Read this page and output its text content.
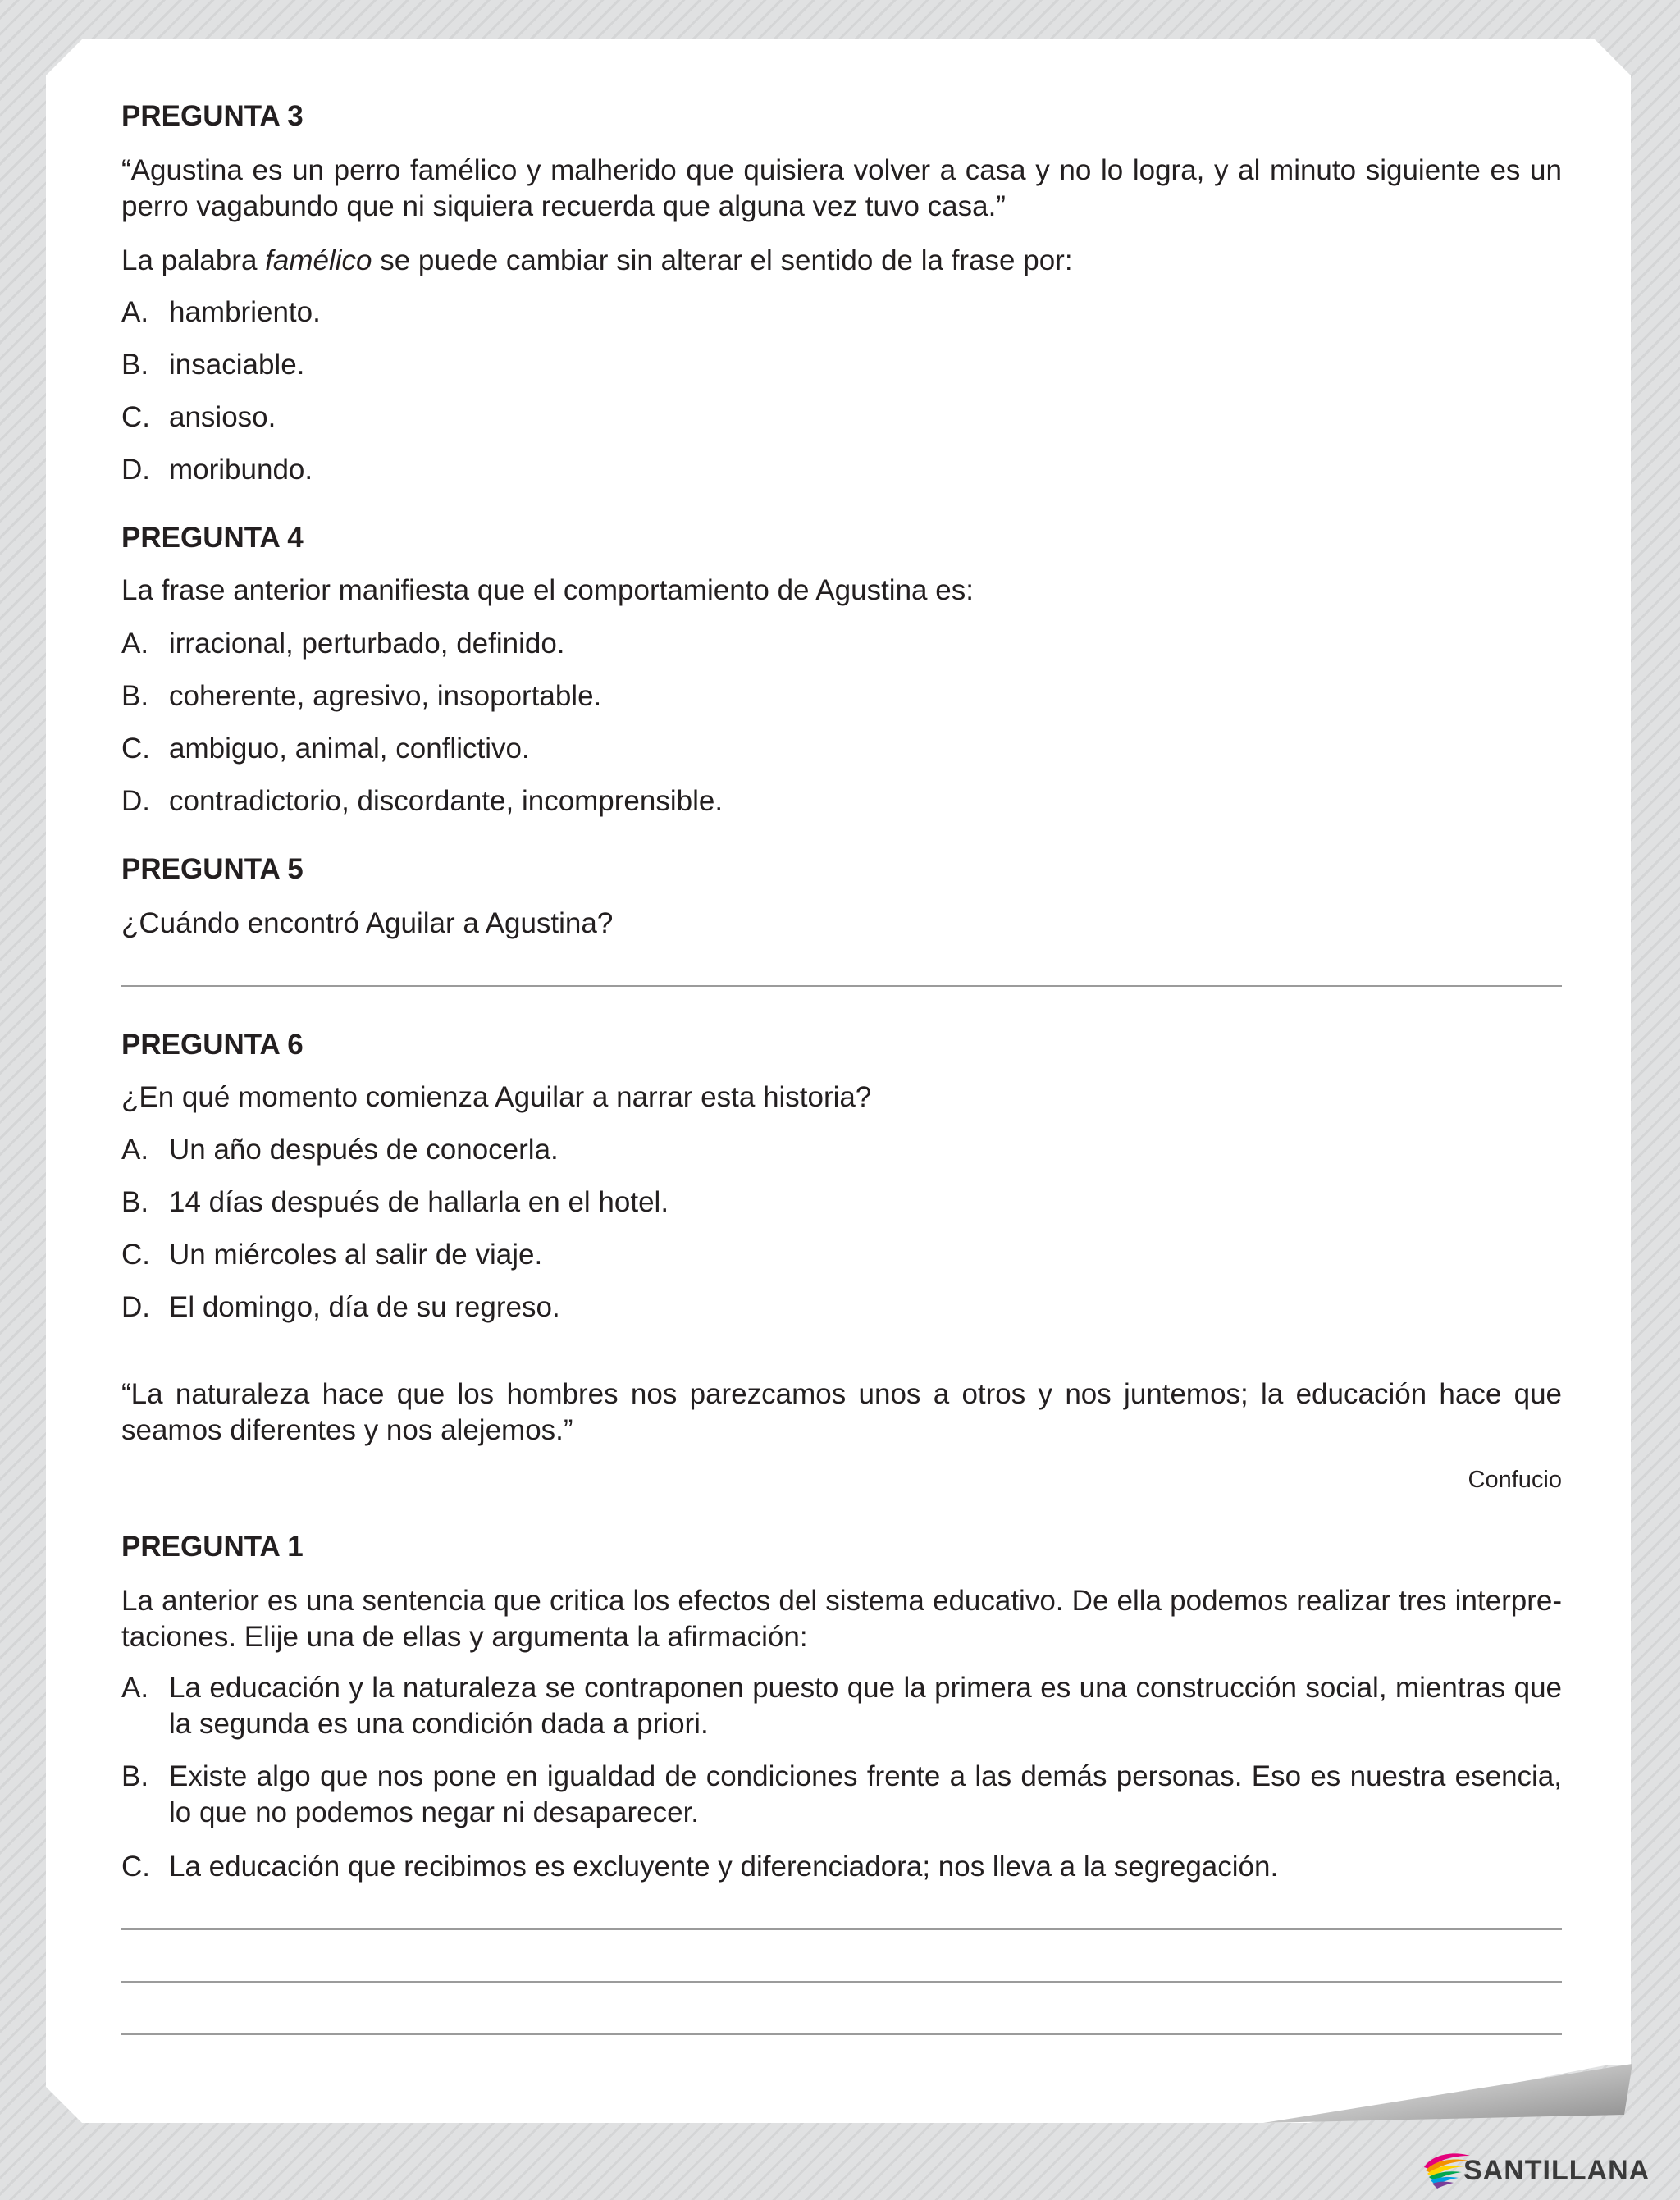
PREGUNTA 3
“Agustina es un perro famélico y malherido que quisiera volver a casa y no lo logra, y al minuto siguiente es un perro vagabundo que ni siquiera recuerda que alguna vez tuvo casa.”
La palabra famélico se puede cambiar sin alterar el sentido de la frase por:
A. hambriento.
B. insaciable.
C. ansioso.
D. moribundo.
PREGUNTA 4
La frase anterior manifiesta que el comportamiento de Agustina es:
A. irracional, perturbado, definido.
B. coherente, agresivo, insoportable.
C. ambiguo, animal, conflictivo.
D. contradictorio, discordante, incomprensible.
PREGUNTA 5
¿Cuándo encontró Aguilar a Agustina?
PREGUNTA 6
¿En qué momento comienza Aguilar a narrar esta historia?
A. Un año después de conocerla.
B. 14 días después de hallarla en el hotel.
C. Un miércoles al salir de viaje.
D. El domingo, día de su regreso.
“La naturaleza hace que los hombres nos parezcamos unos a otros y nos juntemos; la educación hace que seamos diferentes y nos alejemos.”
Confucio
PREGUNTA 1
La anterior es una sentencia que critica los efectos del sistema educativo. De ella podemos realizar tres interpre-taciones. Elije una de ellas y argumenta la afirmación:
A. La educación y la naturaleza se contraponen puesto que la primera es una construcción social, mientras que la segunda es una condición dada a priori.
B. Existe algo que nos pone en igualdad de condiciones frente a las demás personas. Eso es nuestra esencia, lo que no podemos negar ni desaparecer.
C. La educación que recibimos es excluyente y diferenciadora; nos lleva a la segregación.
SANTILLANA
